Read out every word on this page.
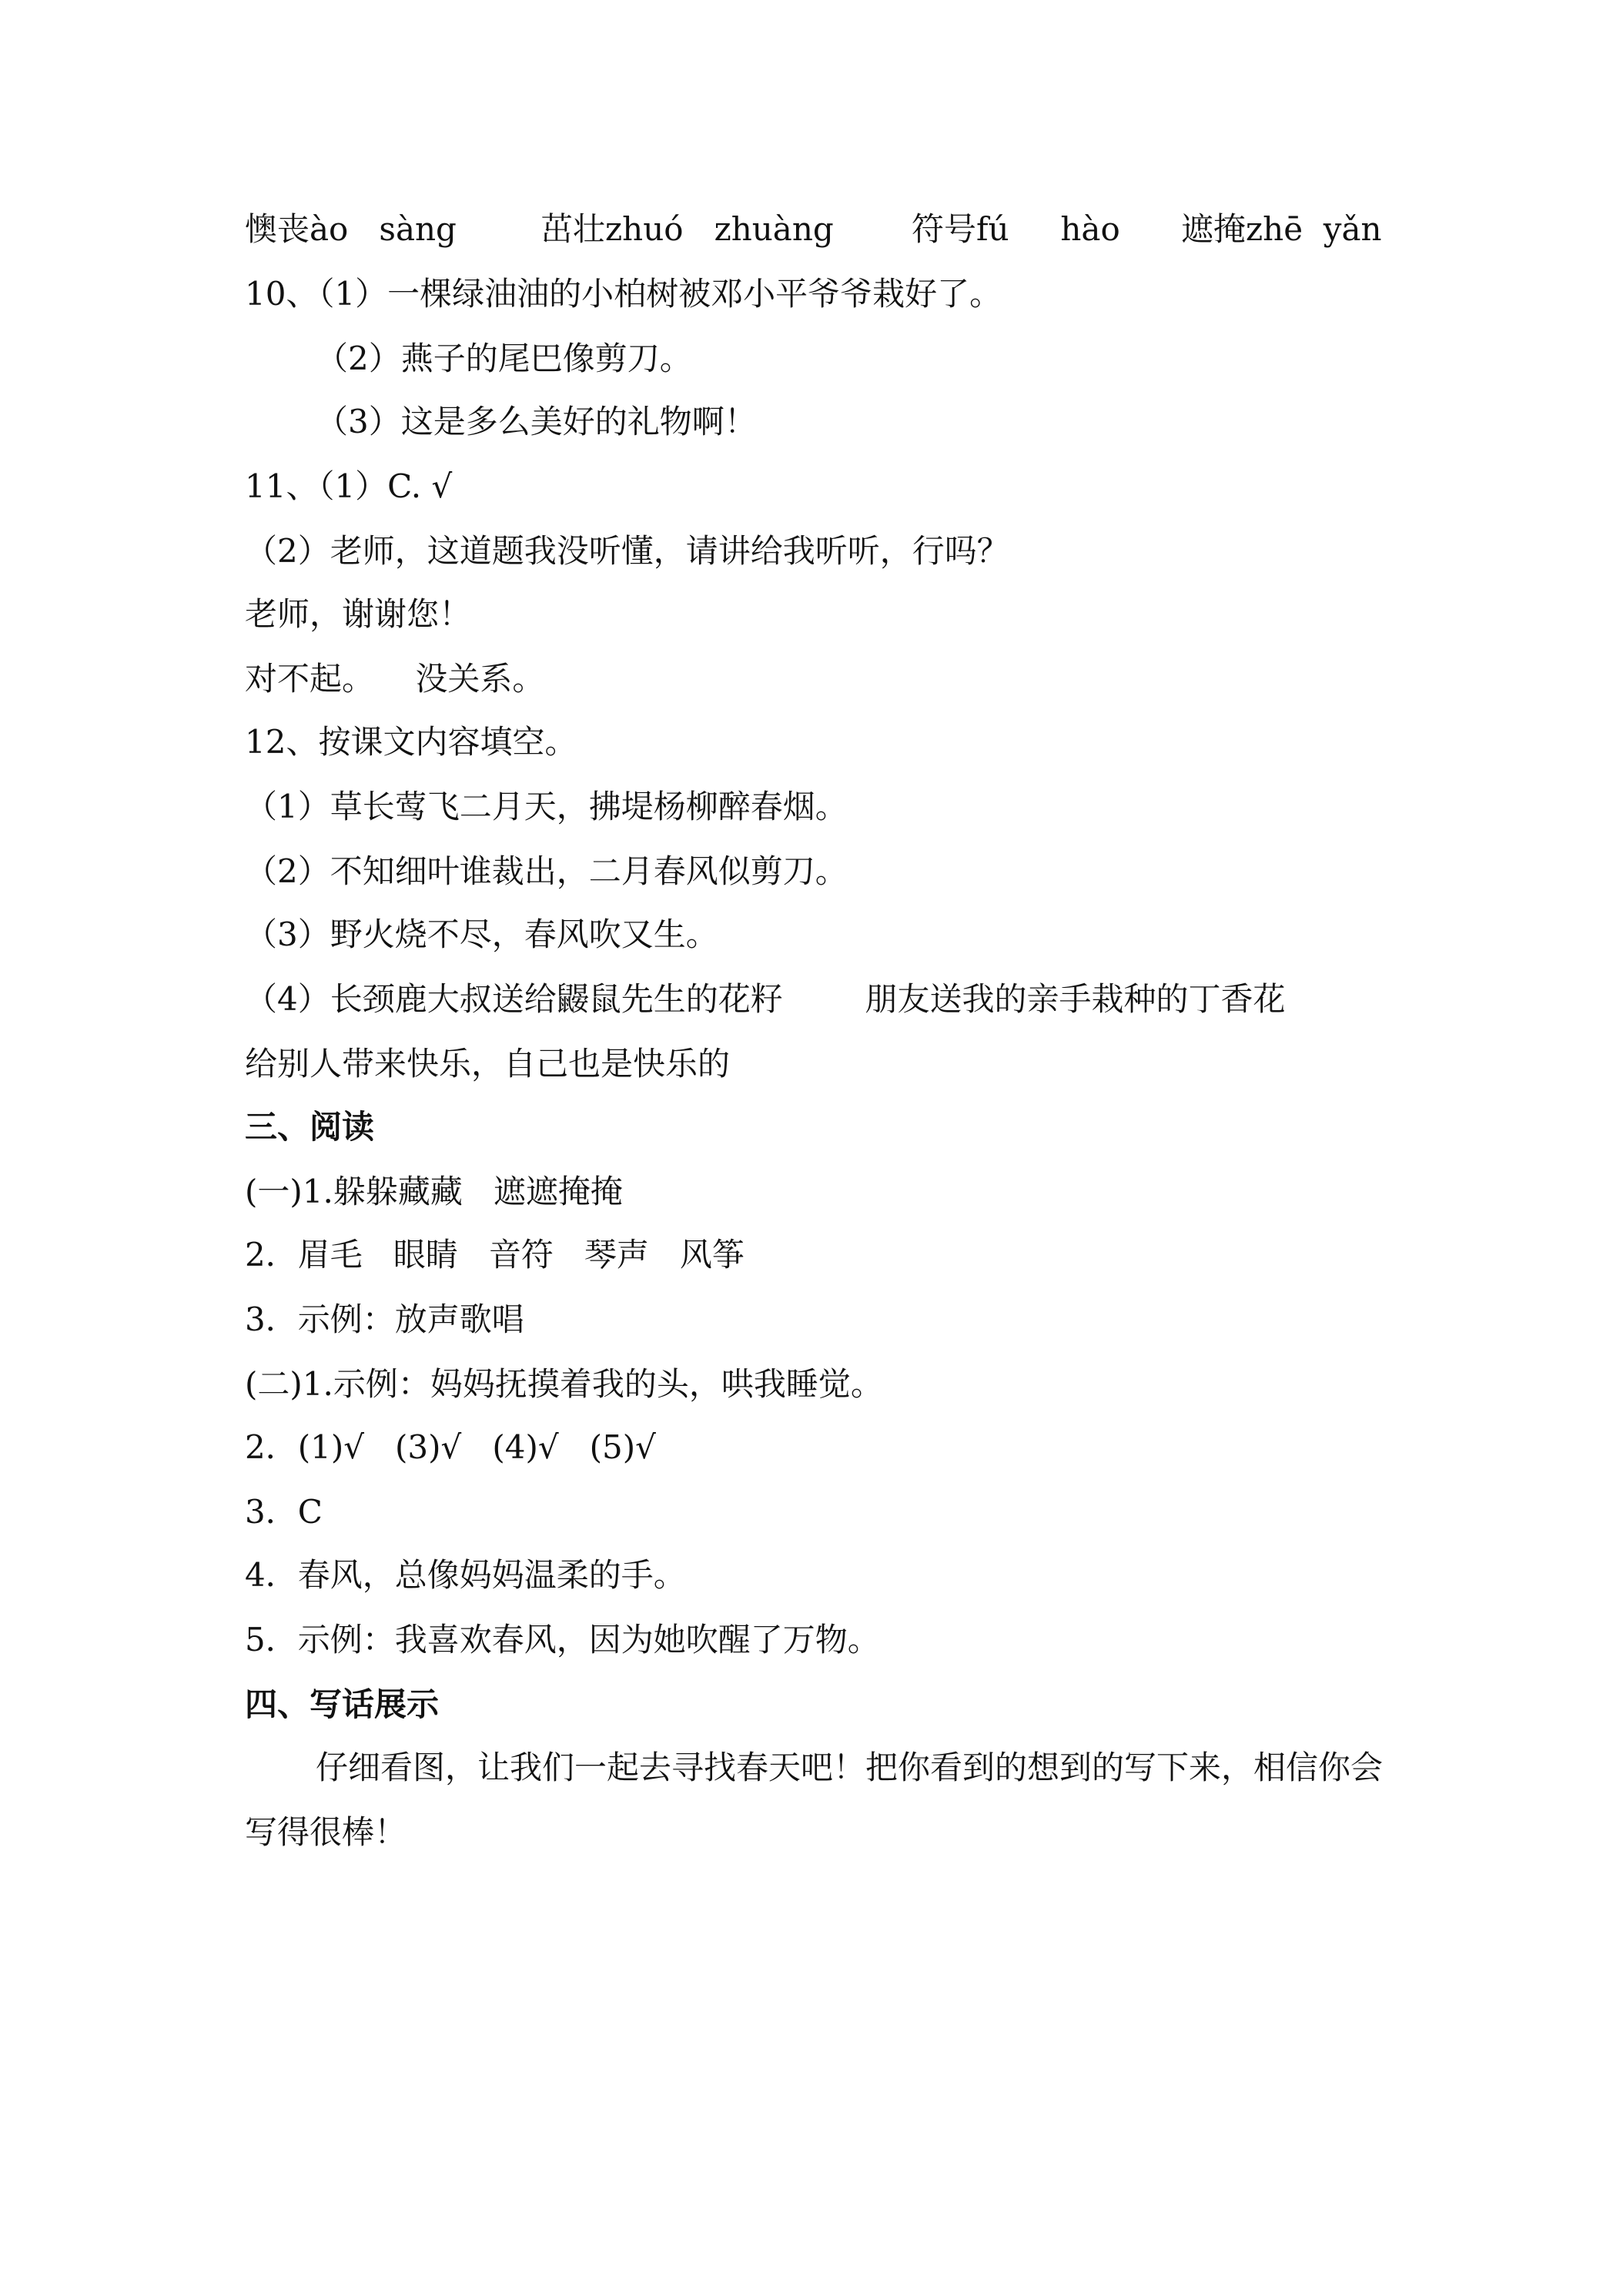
懊丧ào   sàng	茁壮zhuó   zhuàng 符号fú     hào 遮掩zhē  yǎn
10、（1）一棵绿油油的小柏树被邓小平爷爷栽好了。
（2）燕子的尾巴像剪刀。
（3）这是多么美好的礼物啊！
11、（1）C. √
（2）老师，这道题我没听懂，请讲给我听听，行吗？
老师，谢谢您！
对不起。    没关系。
12、按课文内容填空。
（1）草长莺飞二月天，拂堤杨柳醉春烟。
（2）不知细叶谁裁出，二月春风似剪刀。
（3）野火烧不尽，春风吹又生。
（4）长颈鹿大叔送给鼹鼠先生的花籽        朋友送我的亲手栽种的丁香花
给别人带来快乐，自己也是快乐的
三、阅读
(一)1.躲躲藏藏   遮遮掩掩
2．眉毛   眼睛   音符   琴声   风筝
3．示例：放声歌唱
(二)1.示例：妈妈抚摸着我的头，哄我睡觉。
2．(1)√   (3)√   (4)√   (5)√
3．C
4．春风，总像妈妈温柔的手。
5．示例：我喜欢春风，因为她吹醒了万物。
四、写话展示
仔细看图，让我们一起去寻找春天吧！把你看到的想到的写下来，相信你会
写得很棒！
